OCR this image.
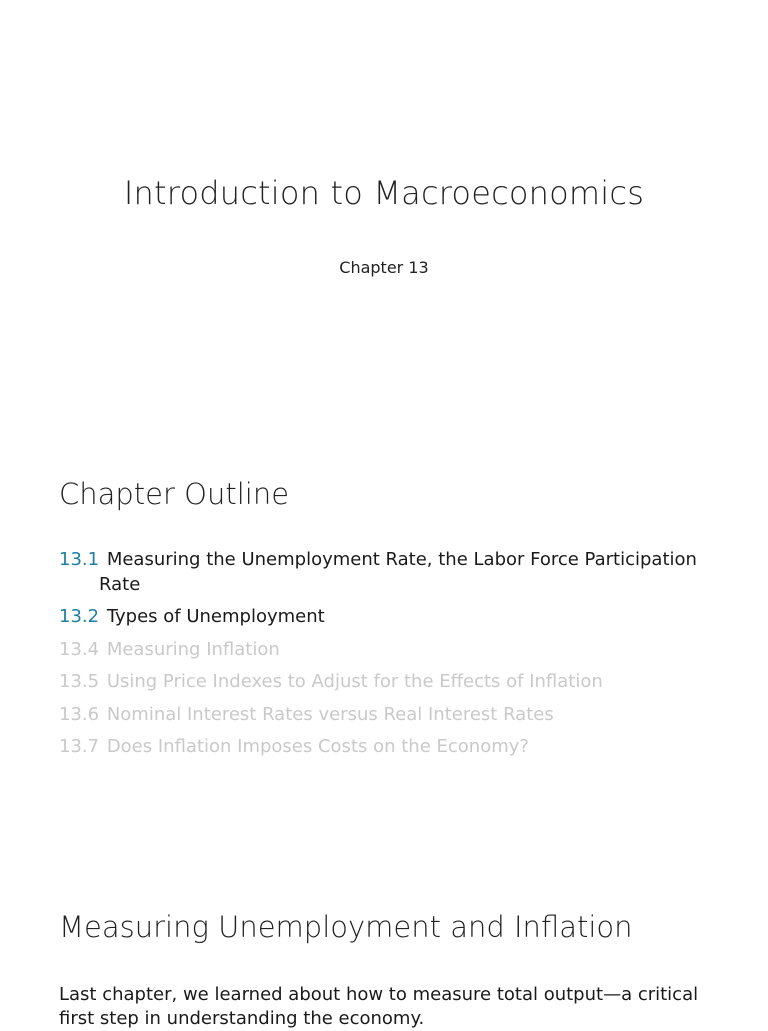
Introduction to Macroeconomics
Chapter 13
Chapter Outline
13.1 Measuring the Unemployment Rate, the Labor Force Participation Rate
13.2 Types of Unemployment
13.4 Measuring Inflation
13.5 Using Price Indexes to Adjust for the Effects of Inflation
13.6 Nominal Interest Rates versus Real Interest Rates
13.7 Does Inflation Imposes Costs on the Economy?
Measuring Unemployment and Inflation
Last chapter, we learned about how to measure total output—a critical first step in understanding the economy.
